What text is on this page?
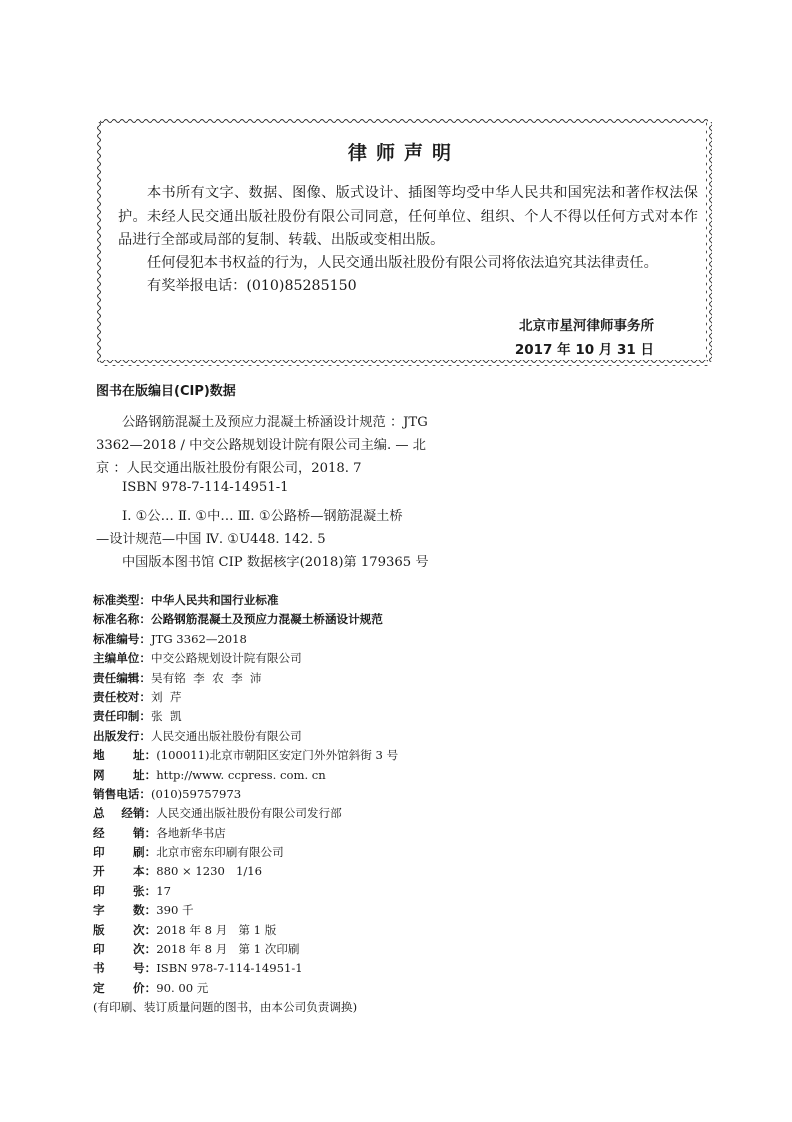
律师声明

本书所有文字、数据、图像、版式设计、插图等均受中华人民共和国宪法和著作权法保护。未经人民交通出版社股份有限公司同意，任何单位、组织、个人不得以任何方式对本作品进行全部或局部的复制、转载、出版或变相出版。

任何侵犯本书权益的行为，人民交通出版社股份有限公司将依法追究其法律责任。

有奖举报电话：(010)85285150

北京市星河律师事务所
2017 年 10 月 31 日
图书在版编目(CIP)数据
公路钢筋混凝土及预应力混凝土桥涵设计规范 ：JTG
3362—2018 / 中交公路规划设计院有限公司主编. — 北
京 ：人民交通出版社股份有限公司，2018. 7
ISBN 978-7-114-14951-1
Ⅰ. ①公… Ⅱ. ①中… Ⅲ. ①公路桥—钢筋混凝土桥
—设计规范—中国 Ⅳ. ①U448. 142. 5
中国版本图书馆 CIP 数据核字(2018)第 179365 号
标准类型：中华人民共和国行业标准
标准名称：公路钢筋混凝土及预应力混凝土桥涵设计规范
标准编号：JTG 3362—2018
主编单位：中交公路规划设计院有限公司
责任编辑：吴有铭  李  农  李  沛
责任校对：刘  芹
责任印制：张  凯
出版发行：人民交通出版社股份有限公司
地 址：(100011)北京市朝阳区安定门外外馆斜街 3 号
网 址：http://www. ccpress. com. cn
销售电话：(010)59757973
总 经销：人民交通出版社股份有限公司发行部
经 销：各地新华书店
印 刷：北京市密东印刷有限公司
开 本：880 × 1230   1/16
印 张：17
字 数：390 千
版 次：2018 年 8 月   第 1 版
印 次：2018 年 8 月   第 1 次印刷
书 号：ISBN 978-7-114-14951-1
定 价：90. 00 元
(有印刷、装订质量问题的图书，由本公司负责调换)
